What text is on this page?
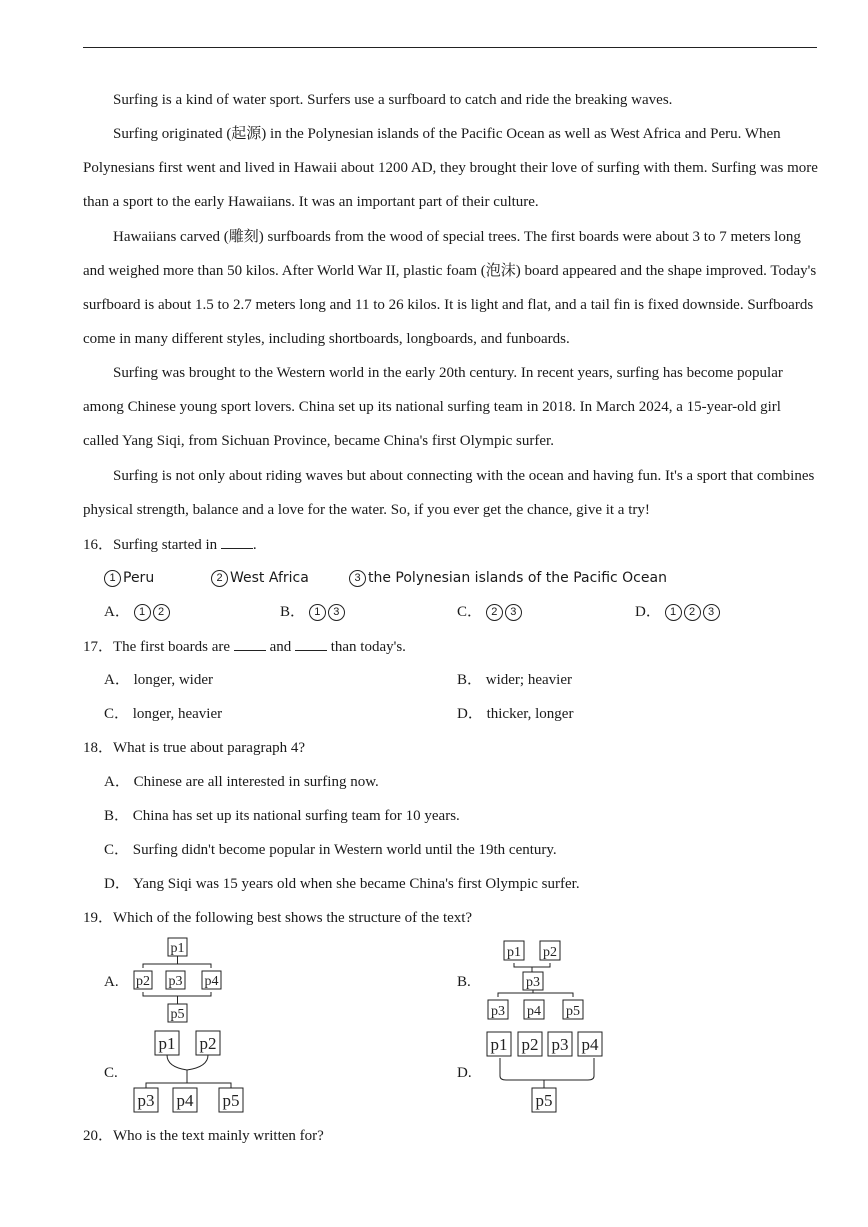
Surfing is a kind of water sport. Surfers use a surfboard to catch and ride the breaking waves.

Surfing originated (起源) in the Polynesian islands of the Pacific Ocean as well as West Africa and Peru. When Polynesians first went and lived in Hawaii about 1200 AD, they brought their love of surfing with them. Surfing was more than a sport to the early Hawaiians. It was an important part of their culture.

Hawaiians carved (雕刻) surfboards from the wood of special trees. The first boards were about 3 to 7 meters long and weighed more than 50 kilos. After World War II, plastic foam (泡沫) board appeared and the shape improved. Today's surfboard is about 1.5 to 2.7 meters long and 11 to 26 kilos. It is light and flat, and a tail fin is fixed downside. Surfboards come in many different styles, including shortboards, longboards, and funboards.

Surfing was brought to the Western world in the early 20th century. In recent years, surfing has become popular among Chinese young sport lovers. China set up its national surfing team in 2018. In March 2024, a 15-year-old girl called Yang Siqi, from Sichuan Province, became China's first Olympic surfer.

Surfing is not only about riding waves but about connecting with the ocean and having fun. It's a sport that combines physical strength, balance and a love for the water. So, if you ever get the chance, give it a try!

16．Surfing started in .
1 Peru	2 West Africa	3 the Polynesian islands of the Pacific Ocean
A． 1 2	B． 1 3	C． 2 3	D． 1 2 3
17．The first boards are	and	than today's.
A． longer, wider	B． wider; heavier
C． longer, heavier	D． thicker, longer
18．What is true about paragraph 4?
A． Chinese are all interested in surfing now.
B． China has set up its national surfing team for 10 years.
C． Surfing didn't become popular in Western world until the 19th century.
D． Yang Siqi was 15 years old when she became China's first Olympic surfer.
19．Which of the following best shows the structure of the text?
A.	B.
C.	D.
p1
p2 p3 p4
p5
p1 p2
p3
p3 p4 p5
p1 p2
p3 p4 p5
p1 p2 p3 p4
p5
20．Who is the text mainly written for?
